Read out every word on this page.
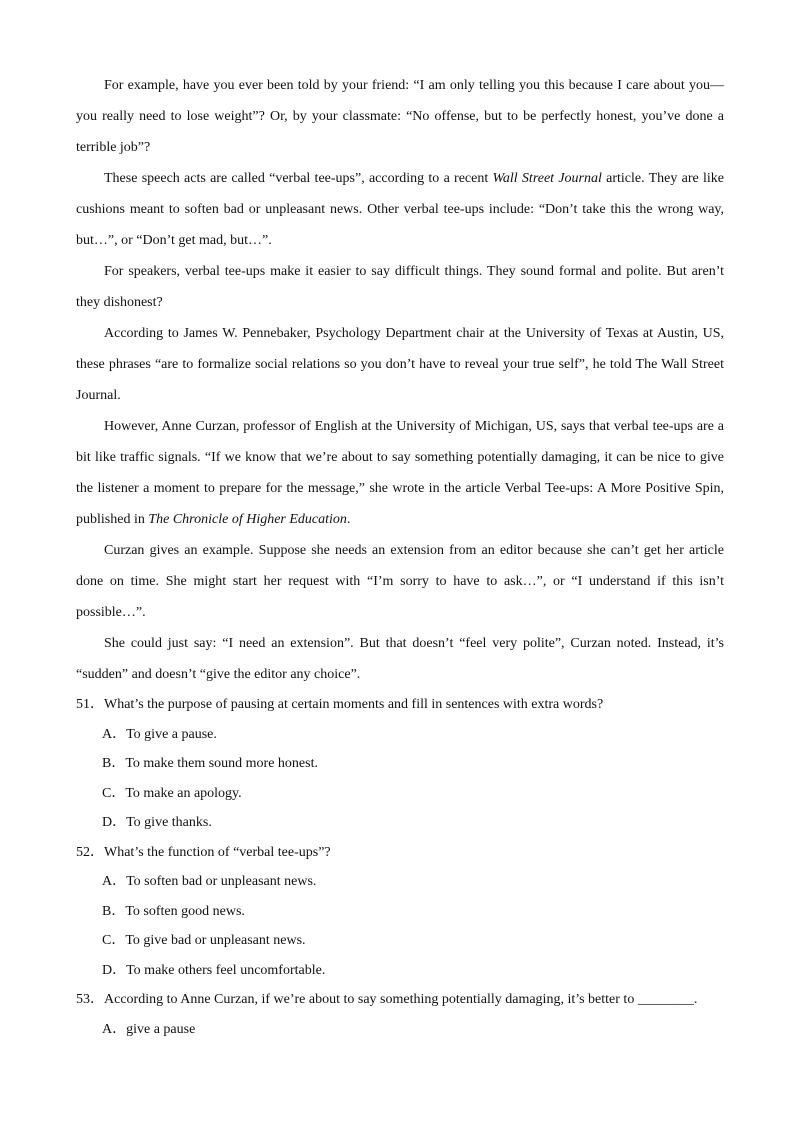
For example, have you ever been told by your friend: “I am only telling you this because I care about you—you really need to lose weight”? Or, by your classmate: “No offense, but to be perfectly honest, you’ve done a terrible job”?

These speech acts are called “verbal tee-ups”, according to a recent Wall Street Journal article. They are like cushions meant to soften bad or unpleasant news. Other verbal tee-ups include: “Don’t take this the wrong way, but…”, or “Don’t get mad, but…”.

For speakers, verbal tee-ups make it easier to say difficult things. They sound formal and polite. But aren’t they dishonest?

According to James W. Pennebaker, Psychology Department chair at the University of Texas at Austin, US, these phrases “are to formalize social relations so you don’t have to reveal your true self”, he told The Wall Street Journal.

However, Anne Curzan, professor of English at the University of Michigan, US, says that verbal tee-ups are a bit like traffic signals. “If we know that we’re about to say something potentially damaging, it can be nice to give the listener a moment to prepare for the message,” she wrote in the article Verbal Tee-ups: A More Positive Spin, published in The Chronicle of Higher Education.

Curzan gives an example. Suppose she needs an extension from an editor because she can’t get her article done on time. She might start her request with “I’m sorry to have to ask…”, or “I understand if this isn’t possible…”.

She could just say: “I need an extension”. But that doesn’t “feel very polite”, Curzan noted. Instead, it’s “sudden” and doesn’t “give the editor any choice”.

51．What’s the purpose of pausing at certain moments and fill in sentences with extra words?

A．To give a pause.

B．To make them sound more honest.

C．To make an apology.

D．To give thanks.

52．What’s the function of “verbal tee-ups”?

A．To soften bad or unpleasant news.

B．To soften good news.

C．To give bad or unpleasant news.

D．To make others feel uncomfortable.

53．According to Anne Curzan, if we’re about to say something potentially damaging, it’s better to ________.

A．give a pause
